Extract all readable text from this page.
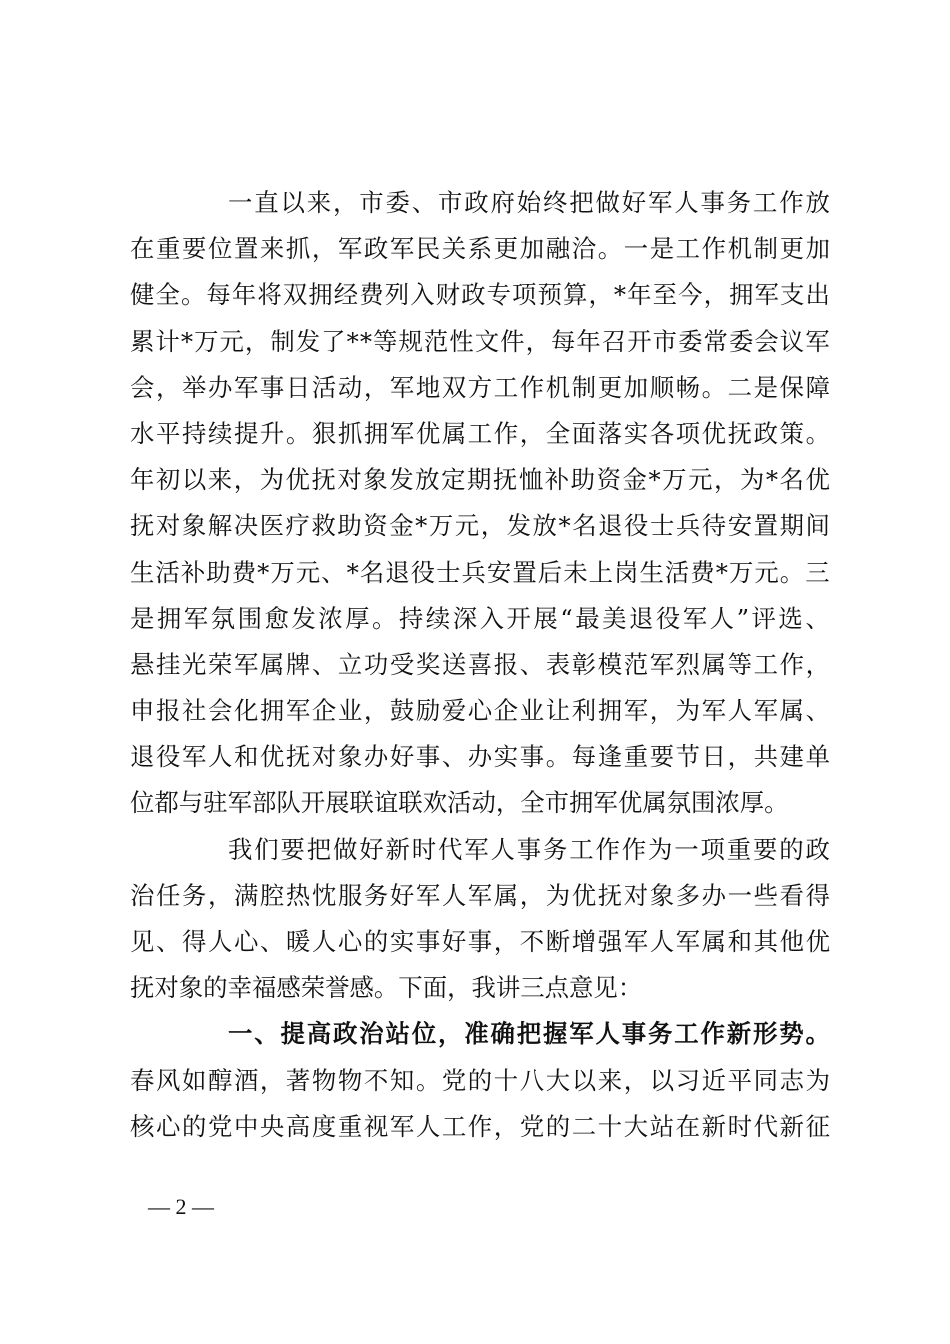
一 直 以 来 ， 市 委 、 市 政 府 始 终 把 做 好 军 人 事 务 工 作 放
在 重 要 位 置 来 抓 ， 军 政 军 民 关 系 更 加 融 洽 。 一 是 工 作 机 制 更 加
健 全 。 每 年 将 双 拥 经 费 列 入 财 政 专 项 预 算 ， * 年 至 今 ， 拥 军 支 出
累 计 * 万 元 ， 制 发 了 * * 等 规 范 性 文 件 ， 每 年 召 开 市 委 常 委 会 议 军
会 ， 举 办 军 事 日 活 动 ， 军 地 双 方 工 作 机 制 更 加 顺 畅 。 二 是 保 障
水 平 持 续 提 升 。 狠 抓 拥 军 优 属 工 作 ， 全 面 落 实 各 项 优 抚 政 策 。
年 初 以 来 ， 为 优 抚 对 象 发 放 定 期 抚 恤 补 助 资 金 * 万 元 ， 为 * 名 优
抚 对 象 解 决 医 疗 救 助 资 金 * 万 元 ， 发 放 * 名 退 役 士 兵 待 安 置 期 间
生 活 补 助 费 * 万 元 、 * 名 退 役 士 兵 安 置 后 未 上 岗 生 活 费 * 万 元 。 三
是 拥 军 氛 围 愈 发 浓 厚 。 持 续 深 入 开 展 “ 最 美 退 役 军 人 ” 评 选 、
悬 挂 光 荣 军 属 牌 、 立 功 受 奖 送 喜 报 、 表 彰 模 范 军 烈 属 等 工 作 ，
申 报 社 会 化 拥 军 企 业 ， 鼓 励 爱 心 企 业 让 利 拥 军 ， 为 军 人 军 属 、
退 役 军 人 和 优 抚 对 象 办 好 事 、 办 实 事 。 每 逢 重 要 节 日 ， 共 建 单
位都与驻军部队开展联谊联欢活动，全市拥军优属氛围浓厚。
我 们 要 把 做 好 新 时 代 军 人 事 务 工 作 作 为 一 项 重 要 的 政
治 任 务 ， 满 腔 热 忱 服 务 好 军 人 军 属 ， 为 优 抚 对 象 多 办 一 些 看 得
见 、 得 人 心 、 暖 人 心 的 实 事 好 事 ， 不 断 增 强 军 人 军 属 和 其 他 优
抚对象的幸福感荣誉感。下面，我讲三点意见：
一 、 提 高 政 治 站 位 ， 准 确 把 握 军 人 事 务 工 作 新 形 势 。
春 风 如 醇 酒 ， 著 物 物 不 知 。 党 的 十 八 大 以 来 ， 以 习 近 平 同 志 为
核 心 的 党 中 央 高 度 重 视 军 人 工 作 ， 党 的 二 十 大 站 在 新 时 代 新 征
— 2 —
